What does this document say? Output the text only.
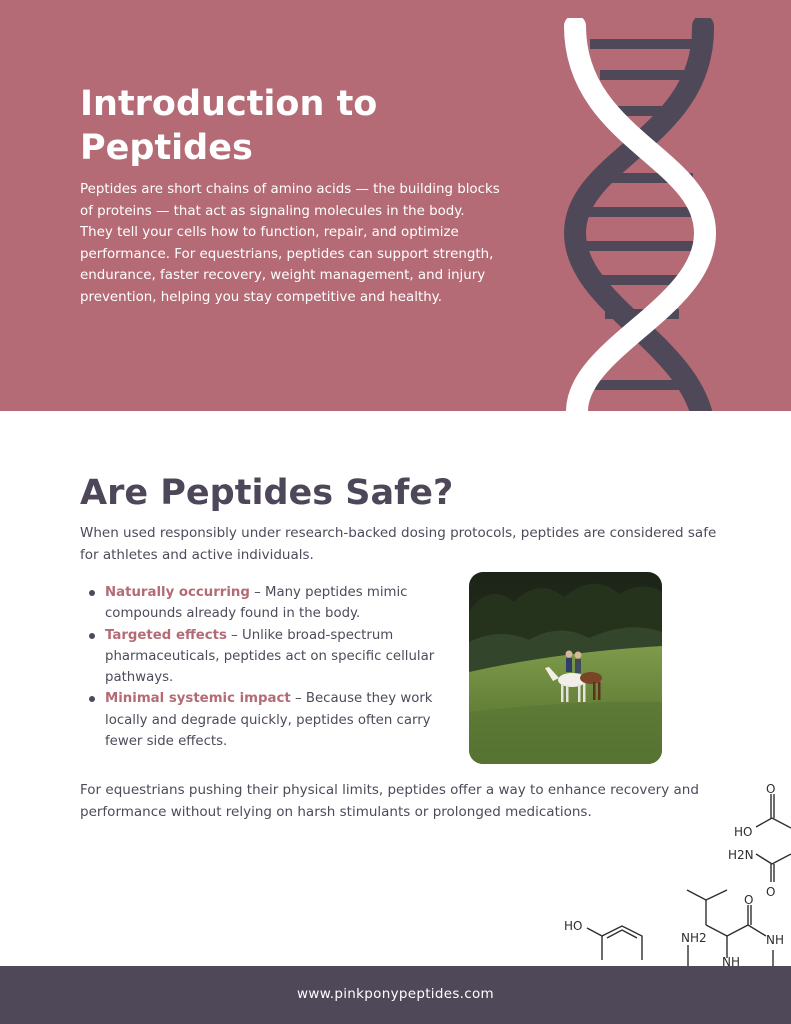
Introduction to Peptides

Peptides are short chains of amino acids — the building blocks of proteins — that act as signaling molecules in the body. They tell your cells how to function, repair, and optimize performance. For equestrians, peptides can support strength, endurance, faster recovery, weight management, and injury prevention, helping you stay competitive and healthy.

Are Peptides Safe?

When used responsibly under research-backed dosing protocols, peptides are considered safe for athletes and active individuals.

Naturally occurring – Many peptides mimic compounds already found in the body.
Targeted effects – Unlike broad-spectrum pharmaceuticals, peptides act on specific cellular pathways.
Minimal systemic impact – Because they work locally and degrade quickly, peptides often carry fewer side effects.

For equestrians pushing their physical limits, peptides offer a way to enhance recovery and performance without relying on harsh stimulants or prolonged medications.

O
HO
H2N
O
O
HO
NH2	NH
NH

www.pinkponypeptides.com
